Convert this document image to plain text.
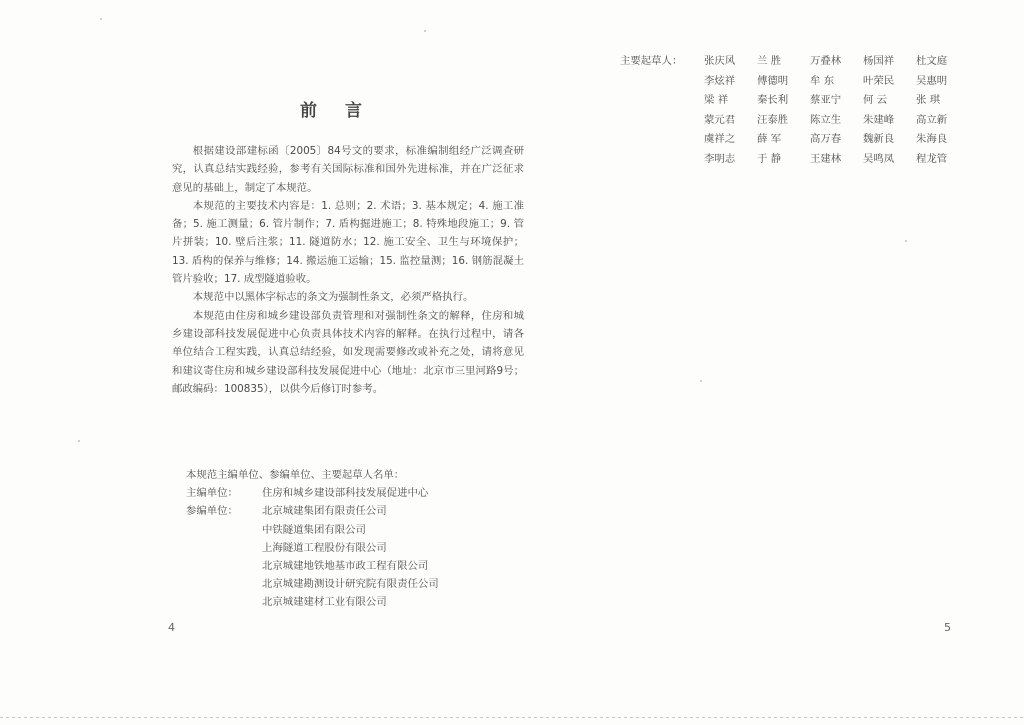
前言

根据建设部建标函〔2005〕84号文的要求，标准编制组经广泛调查研究，认真总结实践经验，参考有关国际标准和国外先进标准，并在广泛征求意见的基础上，制定了本规范。

本规范的主要技术内容是：1. 总则；2. 术语；3. 基本规定；4. 施工准备；5. 施工测量；6. 管片制作；7. 盾构掘进施工；8. 特殊地段施工；9. 管片拼装；10. 壁后注浆；11. 隧道防水；12. 施工安全、卫生与环境保护；13. 盾构的保养与维修；14. 搬运施工运输；15. 监控量测；16. 钢筋混凝土管片验收；17. 成型隧道验收。

本规范中以黑体字标志的条文为强制性条文，必须严格执行。

本规范由住房和城乡建设部负责管理和对强制性条文的解释，住房和城乡建设部科技发展促进中心负责具体技术内容的解释。在执行过程中，请各单位结合工程实践，认真总结经验，如发现需要修改或补充之处，请将意见和建议寄住房和城乡建设部科技发展促进中心（地址：北京市三里河路9号；邮政编码：100835），以供今后修订时参考。

本规范主编单位、参编单位、主要起草人名单：
主编单位：	住房和城乡建设部科技发展促进中心
参编单位：	北京城建集团有限责任公司
中铁隧道集团有限公司
上海隧道工程股份有限公司
北京城建地铁地基市政工程有限公司
北京城建勘测设计研究院有限责任公司
北京城建建材工业有限公司
4	5
主要起草人：	张庆风	兰 胜	万叠林	杨国祥	杜文庭
李炫祥	傅德明	牟 东	叶荣民	吴惠明
梁 祥	秦长利	蔡亚宁	何 云	张 琪
蒙元君	汪泰胜	陈立生	朱建峰	高立新
虞祥之	薛 军	高万春	魏新良	朱海良
李明志	于 静	王建林	吴鸣凤	程龙管
